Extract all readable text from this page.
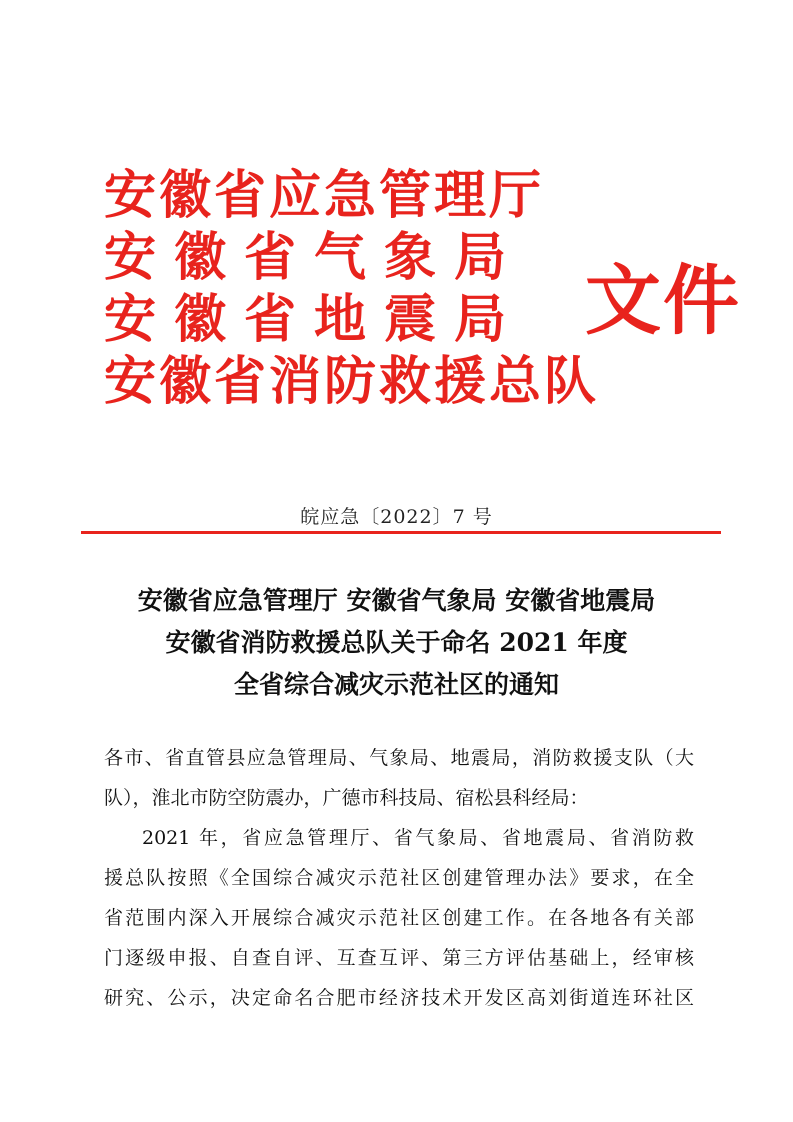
安徽省应急管理厅
安徽省气象局
安徽省地震局
安徽省消防救援总队
文件
皖应急〔2022〕7 号
安徽省应急管理厅 安徽省气象局 安徽省地震局
安徽省消防救援总队关于命名 2021 年度
全省综合减灾示范社区的通知
各市、省直管县应急管理局、气象局、地震局，消防救援支队（大
队），淮北市防空防震办，广德市科技局、宿松县科经局：
2021 年，省应急管理厅、省气象局、省地震局、省消防救
援总队按照《全国综合减灾示范社区创建管理办法》要求，在全
省范围内深入开展综合减灾示范社区创建工作。在各地各有关部
门逐级申报、自查自评、互查互评、第三方评估基础上，经审核
研究、公示，决定命名合肥市经济技术开发区高刘街道连环社区
